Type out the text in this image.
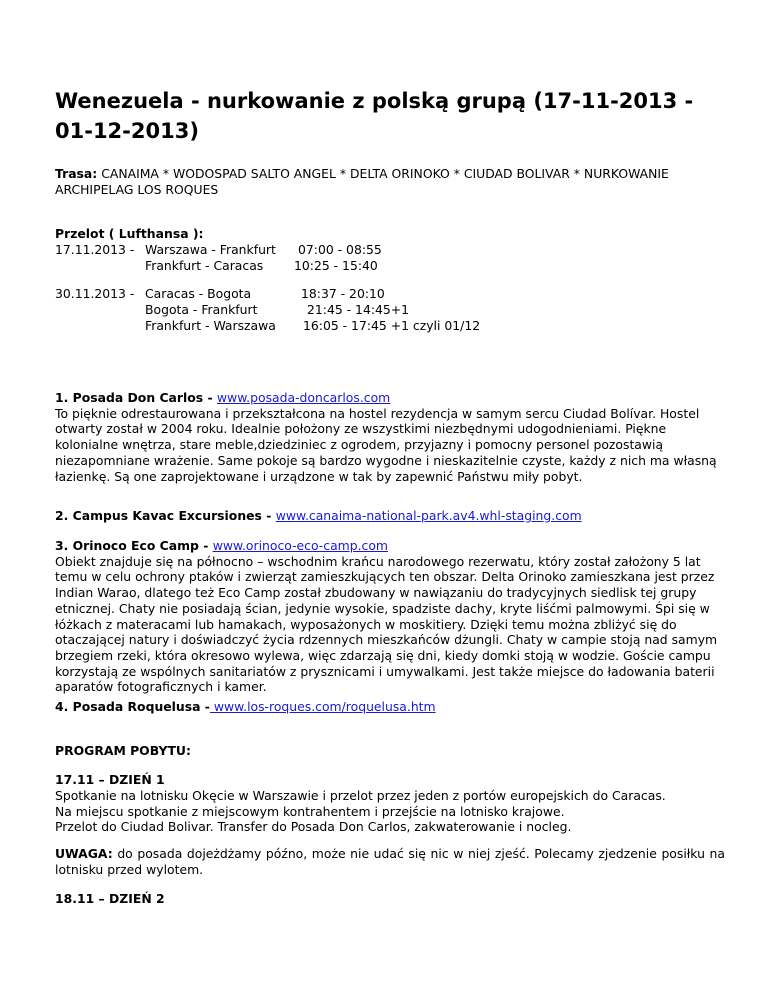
Wenezuela - nurkowanie z polską grupą (17-11-2013 - 01-12-2013)
Trasa: CANAIMA * WODOSPAD SALTO ANGEL * DELTA ORINOKO * CIUDAD BOLIVAR * NURKOWANIE ARCHIPELAG LOS ROQUES
Przelot ( Lufthansa ):
17.11.2013 - Warszawa - Frankfurt 07:00 - 08:55
Frankfurt - Caracas 10:25 - 15:40
30.11.2013 - Caracas - Bogota	18:37 - 20:10
Bogota - Frankfurt	21:45 - 14:45+1
Frankfurt - Warszawa 16:05 - 17:45 +1 czyli 01/12
1. Posada Don Carlos - www.posada-doncarlos.com
To pięknie odrestaurowana i przekształcona na hostel rezydencja w samym sercu Ciudad Bolívar. Hostel otwarty został w 2004 roku. Idealnie położony ze wszystkimi niezbędnymi udogodnieniami. Piękne kolonialne wnętrza, stare meble,dziedziniec z ogrodem, przyjazny i pomocny personel pozostawią niezapomniane wrażenie. Same pokoje są bardzo wygodne i nieskazitelnie czyste, każdy z nich ma własną łazienkę. Są one zaprojektowane i urządzone w tak by zapewnić Państwu miły pobyt.
2. Campus Kavac Excursiones - www.canaima-national-park.av4.whl-staging.com
3. Orinoco Eco Camp - www.orinoco-eco-camp.com
Obiekt znajduje się na północno – wschodnim krańcu narodowego rezerwatu, który został założony 5 lat temu w celu ochrony ptaków i zwierząt zamieszkujących ten obszar. Delta Orinoko zamieszkana jest przez Indian Warao, dlatego też Eco Camp został zbudowany w nawiązaniu do tradycyjnych siedlisk tej grupy etnicznej. Chaty nie posiadają ścian, jedynie wysokie, spadziste dachy, kryte liśćmi palmowymi. Śpi się w łóżkach z materacami lub hamakach, wyposażonych w moskitiery. Dzięki temu można zbliżyć się do otaczającej natury i doświadczyć życia rdzennych mieszkańców dżungli. Chaty w campie stoją nad samym brzegiem rzeki, która okresowo wylewa, więc zdarzają się dni, kiedy domki stoją w wodzie. Goście campu korzystają ze wspólnych sanitariatów z prysznicami i umywalkami. Jest także miejsce do ładowania baterii aparatów fotograficznych i kamer.
4. Posada Roquelusa - www.los-roques.com/roquelusa.htm
PROGRAM POBYTU:
17.11 – DZIEŃ 1
Spotkanie na lotnisku Okęcie w Warszawie i przelot przez jeden z portów europejskich do Caracas.
Na miejscu spotkanie z miejscowym kontrahentem i przejście na lotnisko krajowe.
Przelot do Ciudad Bolivar. Transfer do Posada Don Carlos, zakwaterowanie i nocleg.
UWAGA: do posada dojeżdżamy późno, może nie udać się nic w niej zjeść. Polecamy zjedzenie posiłku na lotnisku przed wylotem.
18.11 – DZIEŃ 2
